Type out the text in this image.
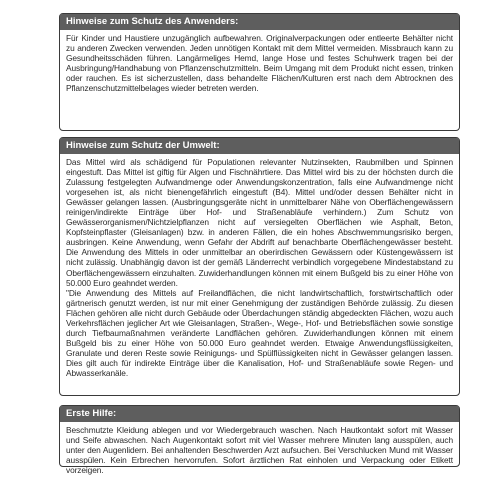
Hinweise zum Schutz des Anwenders:

Für Kinder und Haustiere unzugänglich aufbewahren. Originalverpackungen oder entleerte Behälter nicht zu anderen Zwecken verwenden. Jeden unnötigen Kontakt mit dem Mittel vermeiden. Missbrauch kann zu Gesundheitsschäden führen. Langärmeliges Hemd, lange Hose und festes Schuhwerk tragen bei der Ausbringung/Handhabung von Pflanzenschutzmitteln. Beim Umgang mit dem Produkt nicht essen, trinken oder rauchen. Es ist sicherzustellen, dass behandelte Flächen/Kulturen erst nach dem Abtrocknen des Pflanzenschutzmittelbelages wieder betreten werden.

Hinweise zum Schutz der Umwelt:

Das Mittel wird als schädigend für Populationen relevanter Nutzinsekten, Raubmilben und Spinnen eingestuft. Das Mittel ist giftig für Algen und Fischnährtiere. Das Mittel wird bis zu der höchsten durch die Zulassung festgelegten Aufwandmenge oder Anwendungskonzentration, falls eine Aufwandmenge nicht vorgesehen ist, als nicht bienengefährlich eingestuft (B4). Mittel und/oder dessen Behälter nicht in Gewässer gelangen lassen. (Ausbringungsgeräte nicht in unmittelbarer Nähe von Oberflächengewässern reinigen/indirekte Einträge über Hof- und Straßenabläufe verhindern.) Zum Schutz von Gewässerorganismen/Nichtzielpflanzen nicht auf versiegelten Oberflächen wie Asphalt, Beton, Kopfsteinpflaster (Gleisanlagen) bzw. in anderen Fällen, die ein hohes Abschwemmungsrisiko bergen, ausbringen. Keine Anwendung, wenn Gefahr der Abdrift auf benachbarte Oberflächengewässer besteht. Die Anwendung des Mittels in oder unmittelbar an oberirdischen Gewässern oder Küstengewässern ist nicht zulässig. Unabhängig davon ist der gemäß Länderrecht verbindlich vorgegebene Mindestabstand zu Oberflächengewässern einzuhalten. Zuwiderhandlungen können mit einem Bußgeld bis zu einer Höhe von 50.000 Euro geahndet werden.

"Die Anwendung des Mittels auf Freilandflächen, die nicht landwirtschaftlich, forstwirtschaftlich oder gärtnerisch genutzt werden, ist nur mit einer Genehmigung der zuständigen Behörde zulässig. Zu diesen Flächen gehören alle nicht durch Gebäude oder Überdachungen ständig abgedeckten Flächen, wozu auch Verkehrsflächen jeglicher Art wie Gleisanlagen, Straßen-, Wege-, Hof- und Betriebsflächen sowie sonstige durch Tiefbaumaßnahmen veränderte Landflächen gehören. Zuwiderhandlungen können mit einem Bußgeld bis zu einer Höhe von 50.000 Euro geahndet werden. Etwaige Anwendungsflüssigkeiten, Granulate und deren Reste sowie Reinigungs- und Spülflüssigkeiten nicht in Gewässer gelangen lassen. Dies gilt auch für indirekte Einträge über die Kanalisation, Hof- und Straßenabläufe sowie Regen- und Abwasserkanäle.

Erste Hilfe:

Beschmutzte Kleidung ablegen und vor Wiedergebrauch waschen. Nach Hautkontakt sofort mit Wasser und Seife abwaschen. Nach Augenkontakt sofort mit viel Wasser mehrere Minuten lang ausspülen, auch unter den Augenlidern. Bei anhaltenden Beschwerden Arzt aufsuchen. Bei Verschlucken Mund mit Wasser ausspülen. Kein Erbrechen hervorrufen. Sofort ärztlichen Rat einholen und Verpackung oder Etikett vorzeigen.
